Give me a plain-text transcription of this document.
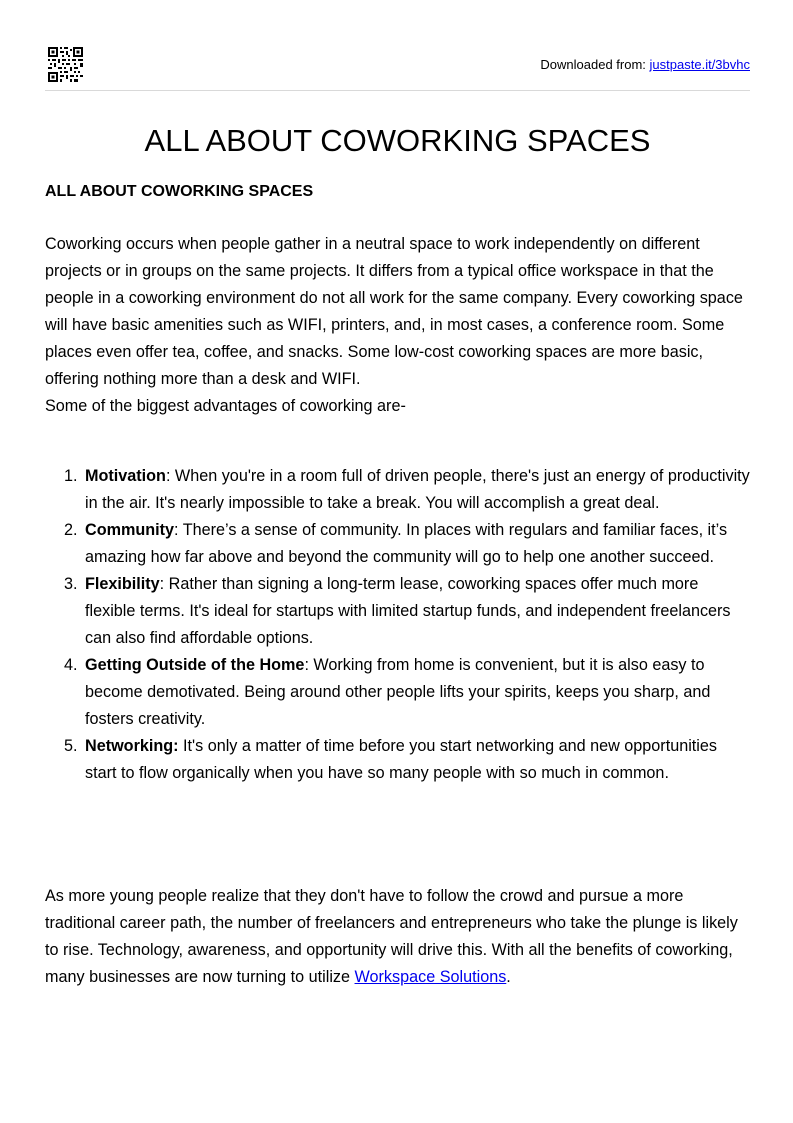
Downloaded from: justpaste.it/3bvhc
ALL ABOUT COWORKING SPACES
ALL ABOUT COWORKING SPACES

Coworking occurs when people gather in a neutral space to work independently on different projects or in groups on the same projects. It differs from a typical office workspace in that the people in a coworking environment do not all work for the same company. Every coworking space will have basic amenities such as WIFI, printers, and, in most cases, a conference room. Some places even offer tea, coffee, and snacks. Some low-cost coworking spaces are more basic, offering nothing more than a desk and WIFI.

Some of the biggest advantages of coworking are-

1. Motivation: When you're in a room full of driven people, there's just an energy of productivity in the air. It's nearly impossible to take a break. You will accomplish a great deal.
2. Community: There’s a sense of community. In places with regulars and familiar faces, it’s amazing how far above and beyond the community will go to help one another succeed.
3. Flexibility: Rather than signing a long-term lease, coworking spaces offer much more flexible terms. It's ideal for startups with limited startup funds, and independent freelancers can also find affordable options.
4. Getting Outside of the Home: Working from home is convenient, but it is also easy to become demotivated. Being around other people lifts your spirits, keeps you sharp, and fosters creativity.
5. Networking: It's only a matter of time before you start networking and new opportunities start to flow organically when you have so many people with so much in common.

As more young people realize that they don't have to follow the crowd and pursue a more traditional career path, the number of freelancers and entrepreneurs who take the plunge is likely to rise. Technology, awareness, and opportunity will drive this. With all the benefits of coworking, many businesses are now turning to utilize Workspace Solutions.
